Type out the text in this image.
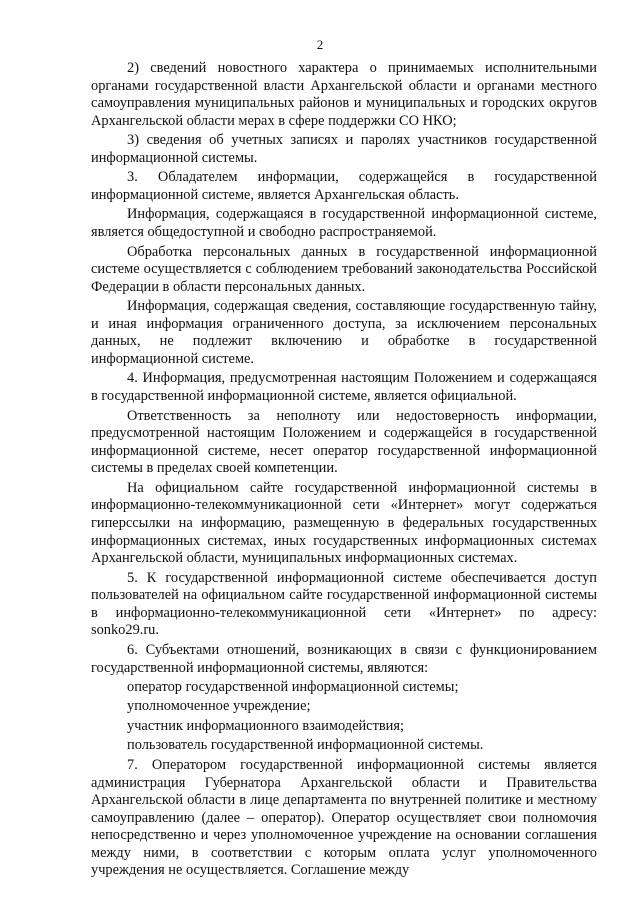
2

2) сведений новостного характера о принимаемых исполнительными органами государственной власти Архангельской области и органами местного самоуправления муниципальных районов и муниципальных и городских округов Архангельской области мерах в сфере поддержки СО НКО;

3) сведения об учетных записях и паролях участников государственной информационной системы.

3. Обладателем информации, содержащейся в государственной информационной системе, является Архангельская область.

Информация, содержащаяся в государственной информационной системе, является общедоступной и свободно распространяемой.

Обработка персональных данных в государственной информационной системе осуществляется с соблюдением требований законодательства Российской Федерации в области персональных данных.

Информация, содержащая сведения, составляющие государственную тайну, и иная информация ограниченного доступа, за исключением персональных данных, не подлежит включению и обработке в государственной информационной системе.

4. Информация, предусмотренная настоящим Положением и содержащаяся в государственной информационной системе, является официальной.

Ответственность за неполноту или недостоверность информации, предусмотренной настоящим Положением и содержащейся в государственной информационной системе, несет оператор государственной информационной системы в пределах своей компетенции.

На официальном сайте государственной информационной системы в информационно-телекоммуникационной сети «Интернет» могут содержаться гиперссылки на информацию, размещенную в федеральных государственных информационных системах, иных государственных информационных системах Архангельской области, муниципальных информационных системах.

5. К государственной информационной системе обеспечивается доступ пользователей на официальном сайте государственной информационной системы в информационно-телекоммуникационной сети «Интернет» по адресу: sonko29.ru.

6. Субъектами отношений, возникающих в связи с функционированием государственной информационной системы, являются:

оператор государственной информационной системы;

уполномоченное учреждение;

участник информационного взаимодействия;

пользователь государственной информационной системы.

7. Оператором государственной информационной системы является администрация Губернатора Архангельской области и Правительства Архангельской области в лице департамента по внутренней политике и местному самоуправлению (далее – оператор). Оператор осуществляет свои полномочия непосредственно и через уполномоченное учреждение на основании соглашения между ними, в соответствии с которым оплата услуг уполномоченного учреждения не осуществляется. Соглашение между
